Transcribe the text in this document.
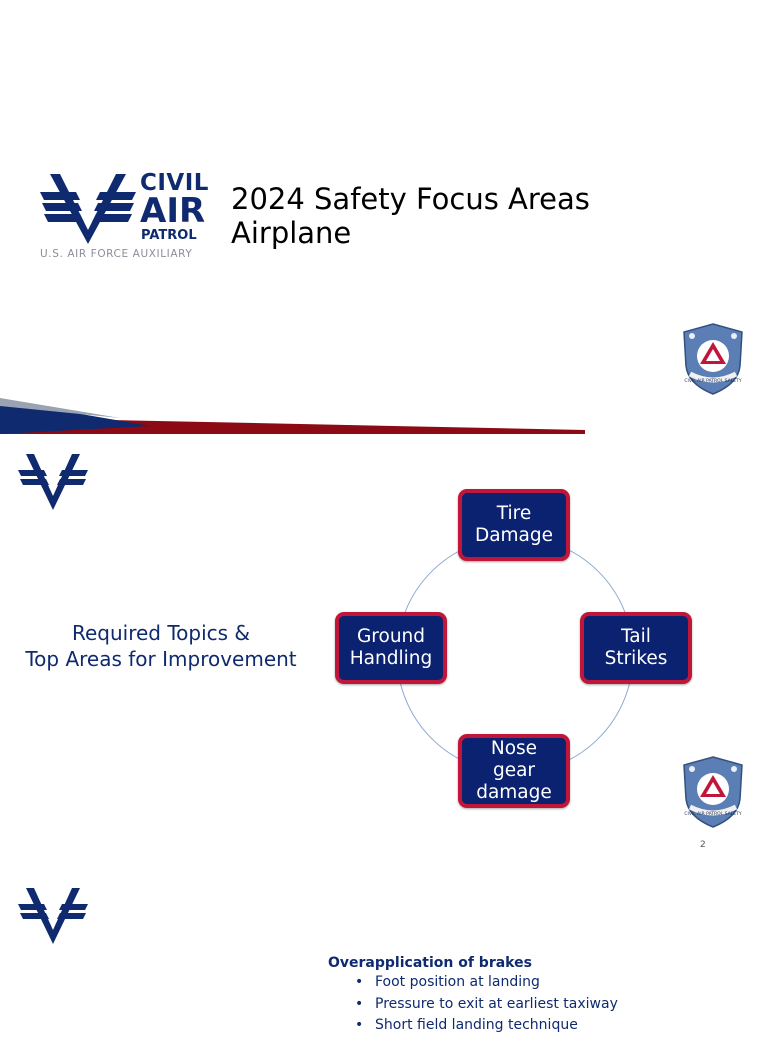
CIVIL
AIR
PATROL
U.S. AIR FORCE AUXILIARY
2024 Safety Focus Areas
Airplane
CIVIL AIR PATROL SAFETY
Required Topics &
Top Areas for Improvement
Tire
Damage
Tail
Strikes
Nose
gear
damage
Ground
Handling
CIVIL AIR PATROL SAFETY
2
Overapplication of brakes
• Foot position at landing
• Pressure to exit at earliest taxiway
• Short field landing technique
